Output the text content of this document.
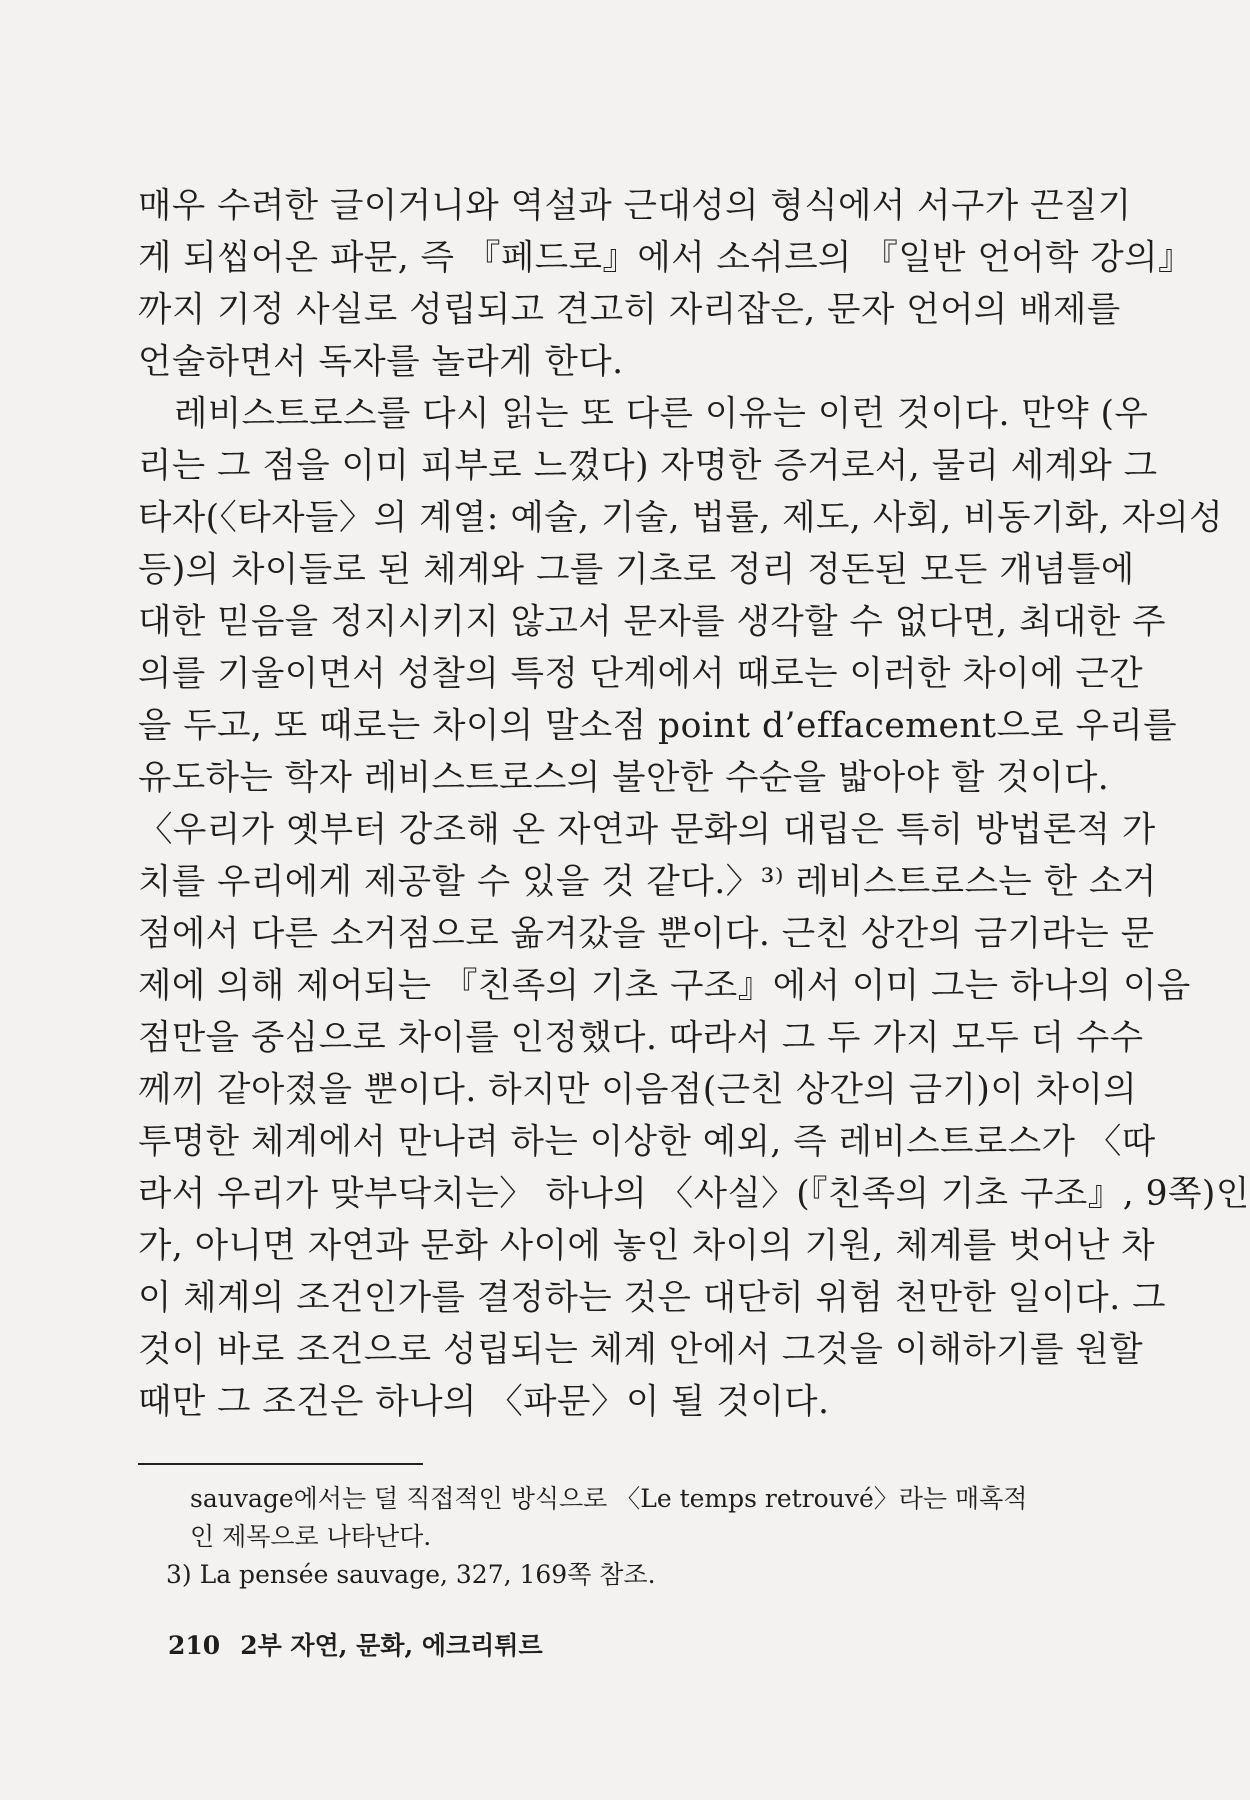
매우 수려한 글이거니와 역설과 근대성의 형식에서 서구가 끈질기
게 되씹어온 파문, 즉 『페드로』에서 소쉬르의 『일반 언어학 강의』
까지 기정 사실로 성립되고 견고히 자리잡은, 문자 언어의 배제를
언술하면서 독자를 놀라게 한다.
레비스트로스를 다시 읽는 또 다른 이유는 이런 것이다. 만약 (우
리는 그 점을 이미 피부로 느꼈다) 자명한 증거로서, 물리 세계와 그
타자(〈타자들〉의 계열: 예술, 기술, 법률, 제도, 사회, 비동기화, 자의성
등)의 차이들로 된 체계와 그를 기초로 정리 정돈된 모든 개념틀에
대한 믿음을 정지시키지 않고서 문자를 생각할 수 없다면, 최대한 주
의를 기울이면서 성찰의 특정 단계에서 때로는 이러한 차이에 근간
을 두고, 또 때로는 차이의 말소점 point d’effacement으로 우리를
유도하는 학자 레비스트로스의 불안한 수순을 밟아야 할 것이다.
〈우리가 옛부터 강조해 온 자연과 문화의 대립은 특히 방법론적 가
치를 우리에게 제공할 수 있을 것 같다.〉³⁾ 레비스트로스는 한 소거
점에서 다른 소거점으로 옮겨갔을 뿐이다. 근친 상간의 금기라는 문
제에 의해 제어되는 『친족의 기초 구조』에서 이미 그는 하나의 이음
점만을 중심으로 차이를 인정했다. 따라서 그 두 가지 모두 더 수수
께끼 같아졌을 뿐이다. 하지만 이음점(근친 상간의 금기)이 차이의
투명한 체계에서 만나려 하는 이상한 예외, 즉 레비스트로스가 〈따
라서 우리가 맞부닥치는〉 하나의 〈사실〉(『친족의 기초 구조』, 9쪽)인
가, 아니면 자연과 문화 사이에 놓인 차이의 기원, 체계를 벗어난 차
이 체계의 조건인가를 결정하는 것은 대단히 위험 천만한 일이다. 그
것이 바로 조건으로 성립되는 체계 안에서 그것을 이해하기를 원할
때만 그 조건은 하나의 〈파문〉이 될 것이다.
sauvage에서는 덜 직접적인 방식으로 〈Le temps retrouvé〉라는 매혹적
인 제목으로 나타난다.
3) La pensée sauvage, 327, 169쪽 참조.
210 2부 자연, 문화, 에크리튀르
